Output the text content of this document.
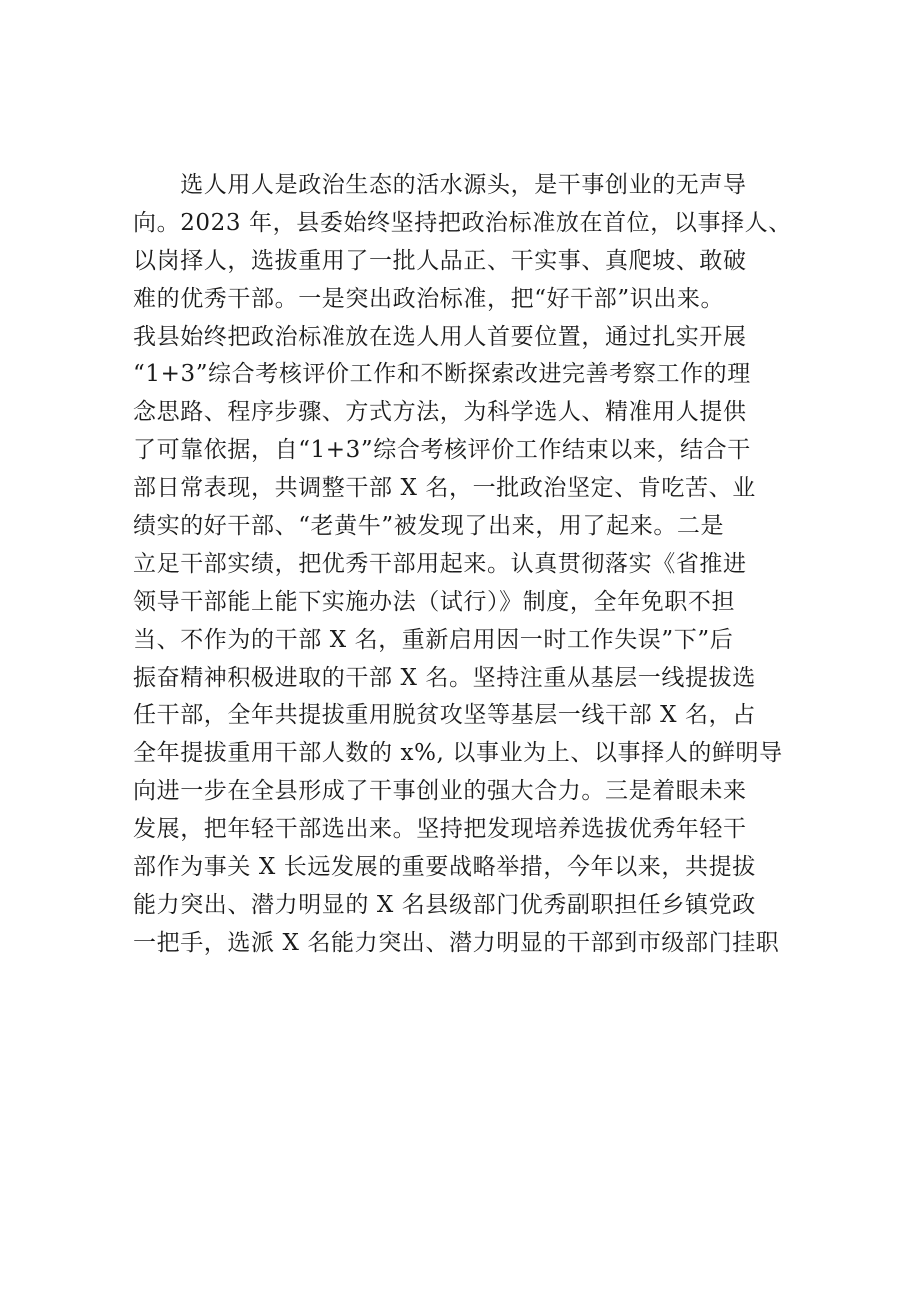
　　选人用人是政治生态的活水源头，是干事创业的无声导
向。2023 年，县委始终坚持把政治标准放在首位，以事择人、
以岗择人，选拔重用了一批人品正、干实事、真爬坡、敢破
难的优秀干部。一是突出政治标准，把“好干部”识出来。
我县始终把政治标准放在选人用人首要位置，通过扎实开展
“1+3”综合考核评价工作和不断探索改进完善考察工作的理
念思路、程序步骤、方式方法，为科学选人、精准用人提供
了可靠依据，自“1+3”综合考核评价工作结束以来，结合干
部日常表现，共调整干部 X 名，一批政治坚定、肯吃苦、业
绩实的好干部、“老黄牛”被发现了出来，用了起来。二是
立足干部实绩，把优秀干部用起来。认真贯彻落实《省推进
领导干部能上能下实施办法（试行）》制度，全年免职不担
当、不作为的干部 X 名，重新启用因一时工作失误”下”后
振奋精神积极进取的干部 X 名。坚持注重从基层一线提拔选
任干部，全年共提拔重用脱贫攻坚等基层一线干部 X 名，占
全年提拔重用干部人数的 x%, 以事业为上、以事择人的鲜明导
向进一步在全县形成了干事创业的强大合力。三是着眼未来
发展，把年轻干部选出来。坚持把发现培养选拔优秀年轻干
部作为事关 X 长远发展的重要战略举措，今年以来，共提拔
能力突出、潜力明显的 X 名县级部门优秀副职担任乡镇党政
一把手，选派 X 名能力突出、潜力明显的干部到市级部门挂职
